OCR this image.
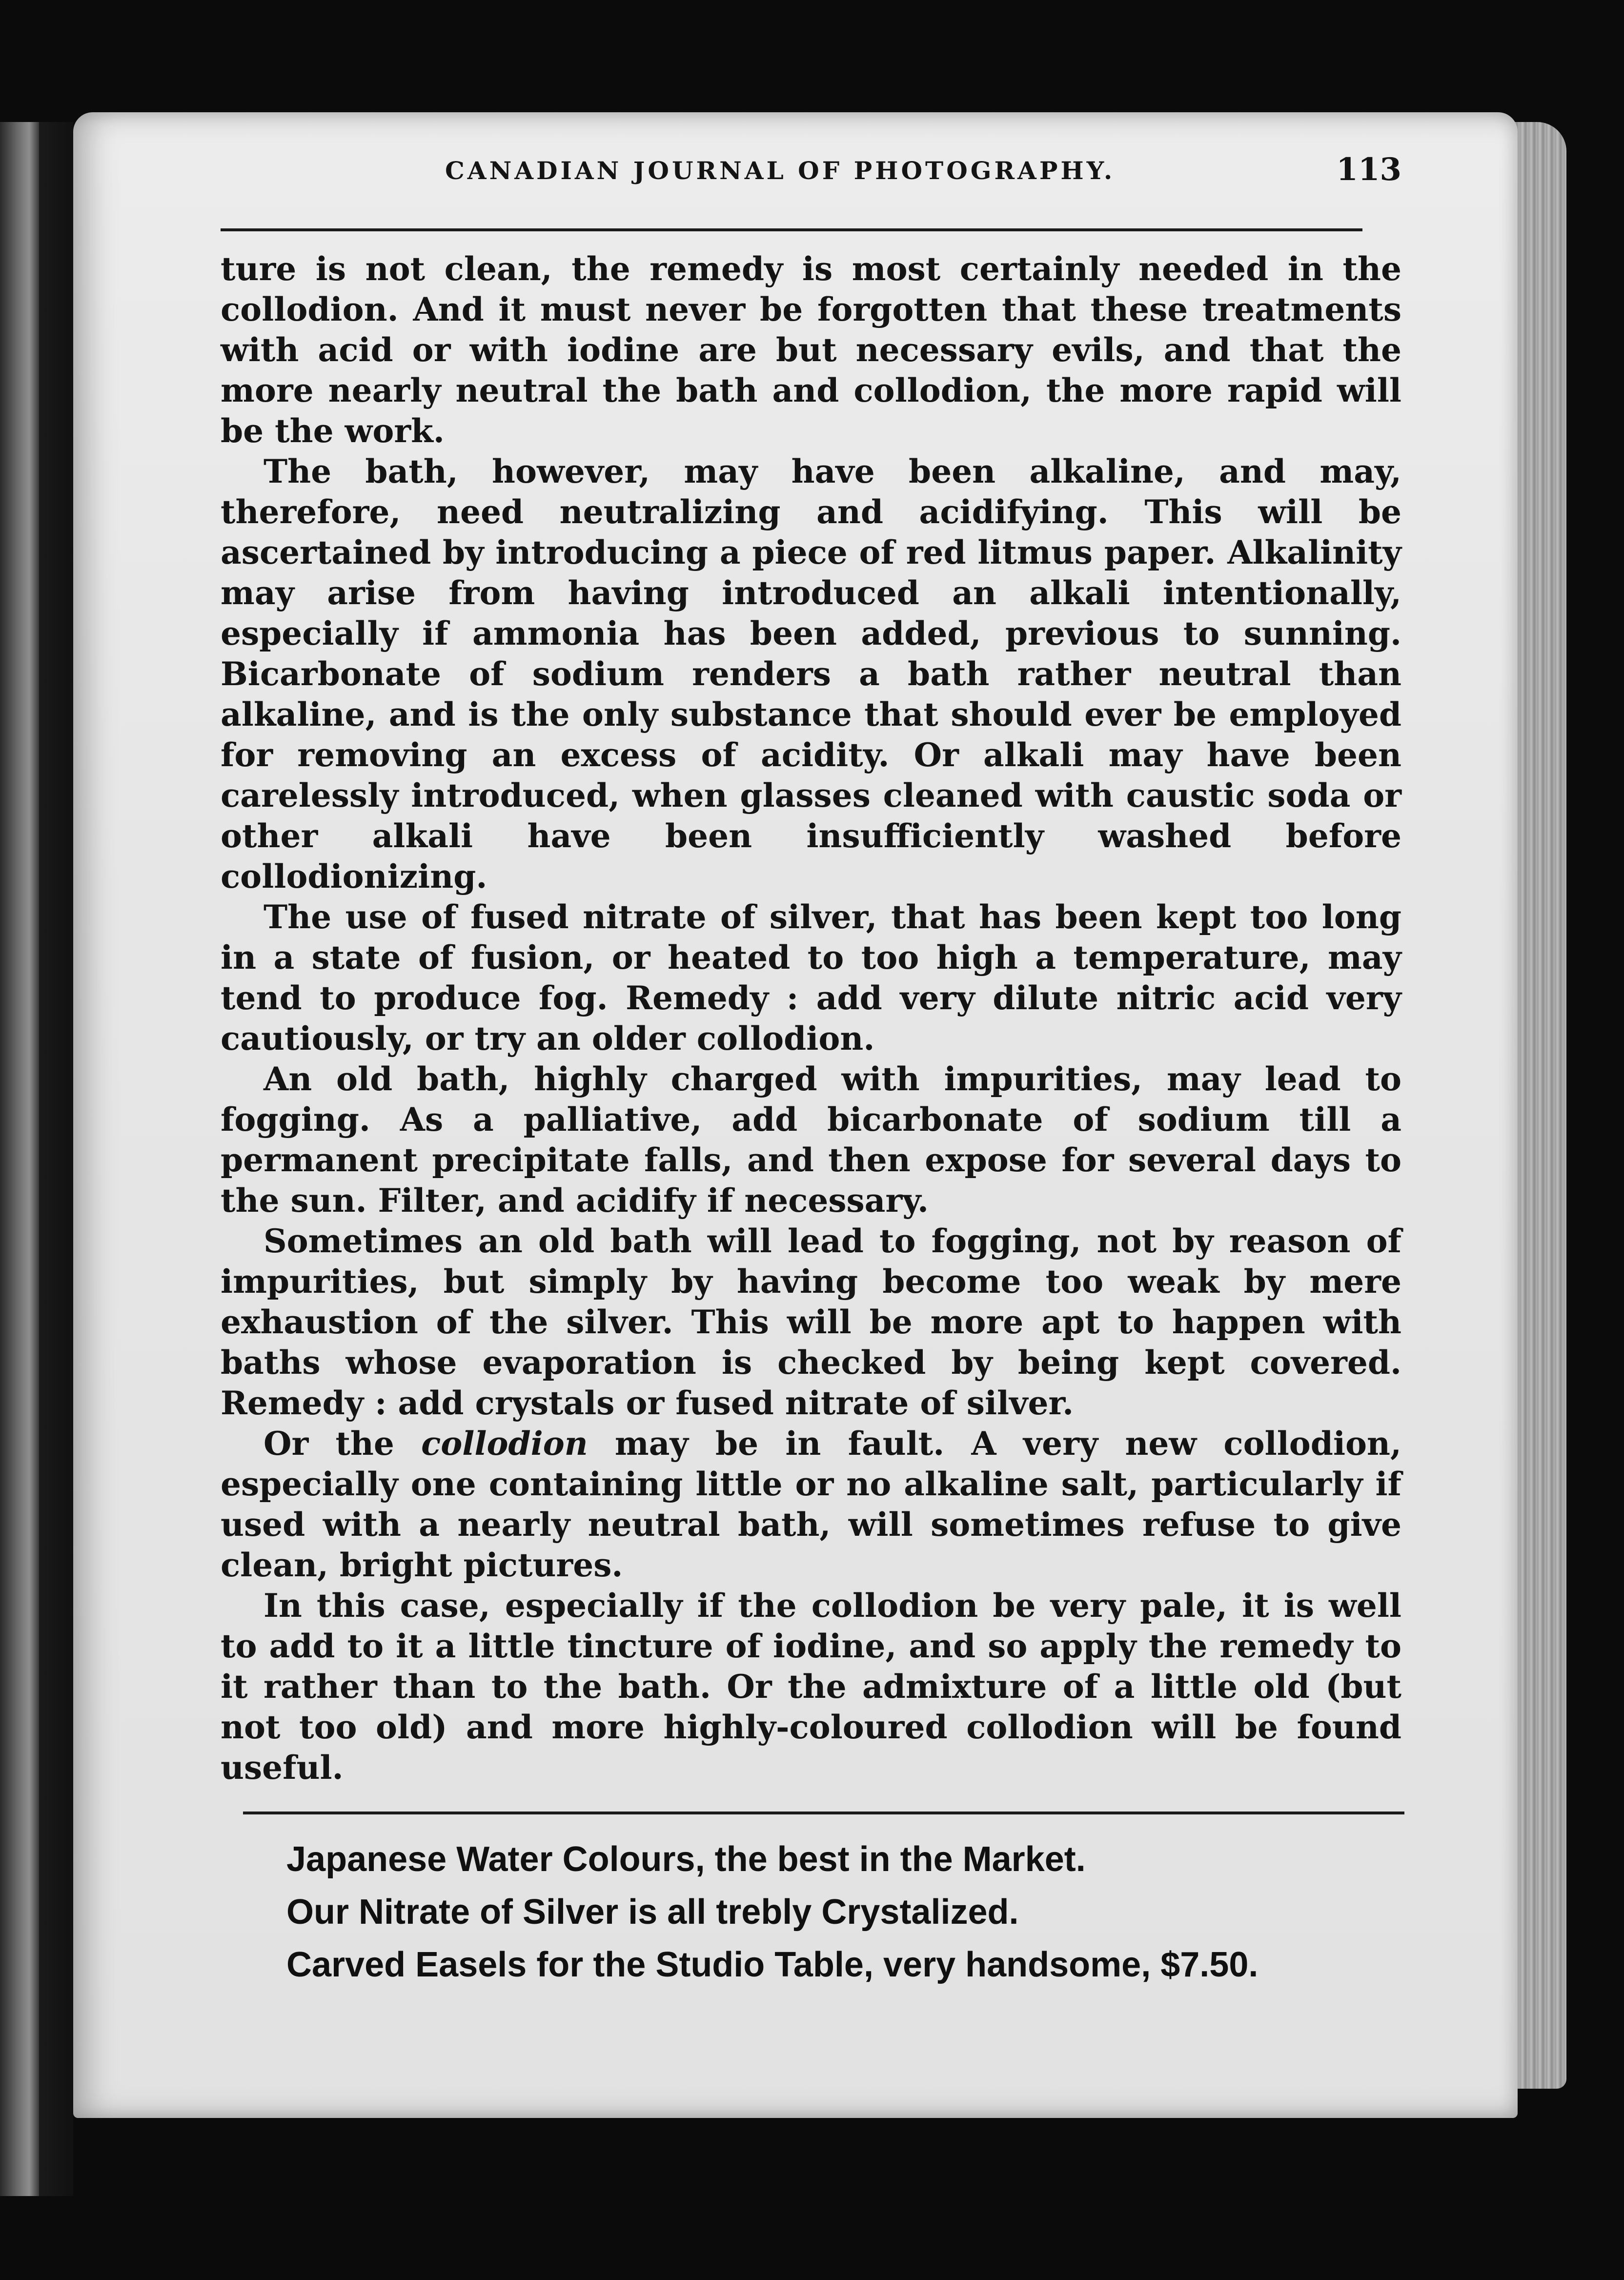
CANADIAN JOURNAL OF PHOTOGRAPHY.	113

ture is not clean, the remedy is most certainly needed in the collodion. And it must never be forgotten that these treatments with acid or with iodine are but necessary evils, and that the more nearly neutral the bath and collodion, the more rapid will be the work.

The bath, however, may have been alkaline, and may, therefore, need neutralizing and acidifying. This will be ascertained by introducing a piece of red litmus paper. Alkalinity may arise from having introduced an alkali intentionally, especially if ammonia has been added, previous to sunning. Bicarbonate of sodium renders a bath rather neutral than alkaline, and is the only substance that should ever be employed for removing an excess of acidity. Or alkali may have been carelessly introduced, when glasses cleaned with caustic soda or other alkali have been insufficiently washed before collodionizing.

The use of fused nitrate of silver, that has been kept too long in a state of fusion, or heated to too high a temperature, may tend to produce fog. Remedy : add very dilute nitric acid very cautiously, or try an older collodion.

An old bath, highly charged with impurities, may lead to fogging. As a palliative, add bicarbonate of sodium till a permanent precipitate falls, and then expose for several days to the sun. Filter, and acidify if necessary.

Sometimes an old bath will lead to fogging, not by reason of impurities, but simply by having become too weak by mere exhaustion of the silver. This will be more apt to happen with baths whose evaporation is checked by being kept covered. Remedy : add crystals or fused nitrate of silver.

Or the collodion may be in fault. A very new collodion, especially one containing little or no alkaline salt, particularly if used with a nearly neutral bath, will sometimes refuse to give clean, bright pictures.

In this case, especially if the collodion be very pale, it is well to add to it a little tincture of iodine, and so apply the remedy to it rather than to the bath. Or the admixture of a little old (but not too old) and more highly-coloured collodion will be found useful.

Japanese Water Colours, the best in the Market.
Our Nitrate of Silver is all trebly Crystalized.
Carved Easels for the Studio Table, very handsome, $7.50.
